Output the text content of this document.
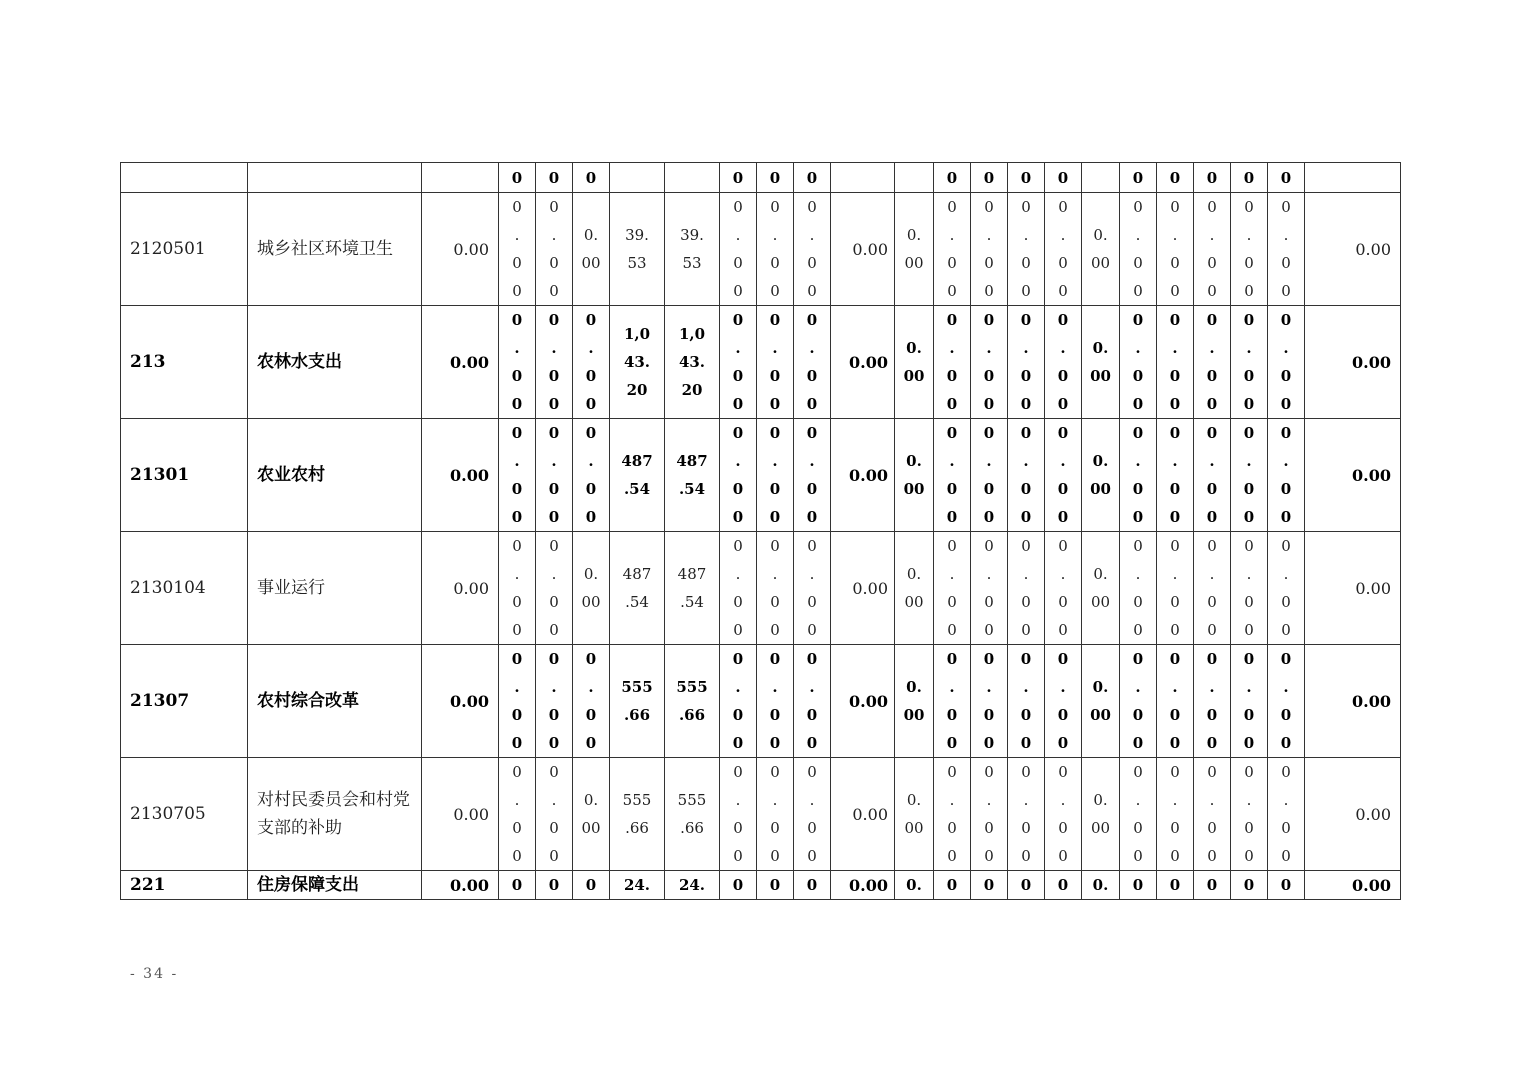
			0	0	0			0	0	0			0	0	0	0		0	0	0	0	0	

2120501	城乡社区环境卫生	0.00	0
.
0
0	0
.
0
0	0.
00	39.
53	39.
53	0
.
0
0	0
.
0
0	0
.
0
0	0.00	0.
00	0
.
0
0	0
.
0
0	0
.
0
0	0
.
0
0	0.
00	0
.
0
0	0
.
0
0	0
.
0
0	0
.
0
0	0
.
0
0	0.00
213	农林水支出	0.00	0
.
0
0	0
.
0
0	0
.
0
0	1,0
43.
20	1,0
43.
20	0
.
0
0	0
.
0
0	0
.
0
0	0.00	0.
00	0
.
0
0	0
.
0
0	0
.
0
0	0
.
0
0	0.
00	0
.
0
0	0
.
0
0	0
.
0
0	0
.
0
0	0
.
0
0	0.00
21301	农业农村	0.00	0
.
0
0	0
.
0
0	0
.
0
0	487
.54	487
.54	0
.
0
0	0
.
0
0	0
.
0
0	0.00	0.
00	0
.
0
0	0
.
0
0	0
.
0
0	0
.
0
0	0.
00	0
.
0
0	0
.
0
0	0
.
0
0	0
.
0
0	0
.
0
0	0.00
2130104	事业运行	0.00	0
.
0
0	0
.
0
0	0.
00	487
.54	487
.54	0
.
0
0	0
.
0
0	0
.
0
0	0.00	0.
00	0
.
0
0	0
.
0
0	0
.
0
0	0
.
0
0	0.
00	0
.
0
0	0
.
0
0	0
.
0
0	0
.
0
0	0
.
0
0	0.00
21307	农村综合改革	0.00	0
.
0
0	0
.
0
0	0
.
0
0	555
.66	555
.66	0
.
0
0	0
.
0
0	0
.
0
0	0.00	0.
00	0
.
0
0	0
.
0
0	0
.
0
0	0
.
0
0	0.
00	0
.
0
0	0
.
0
0	0
.
0
0	0
.
0
0	0
.
0
0	0.00
2130705	对村民委员会和村党支部的补助	0.00	0
.
0
0	0
.
0
0	0.
00	555
.66	555
.66	0
.
0
0	0
.
0
0	0
.
0
0	0.00	0.
00	0
.
0
0	0
.
0
0	0
.
0
0	0
.
0
0	0.
00	0
.
0
0	0
.
0
0	0
.
0
0	0
.
0
0	0
.
0
0	0.00
221	住房保障支出	0.00	0	0	0	24.	24.	0	0	0	0.00	0.	0	0	0	0	0.	0	0	0	0	0	0.00
- 34 -
